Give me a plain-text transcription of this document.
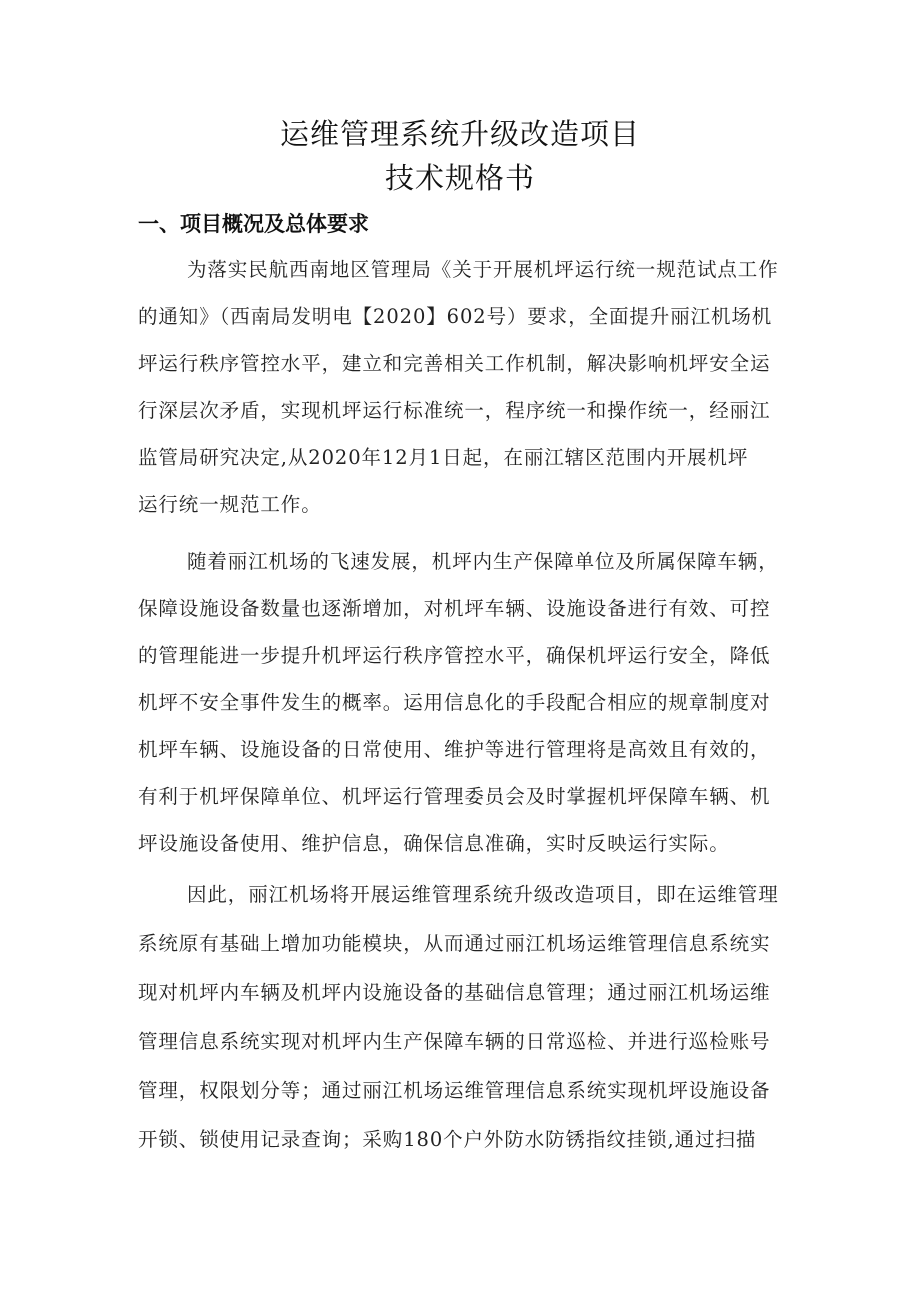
运维管理系统升级改造项目
技术规格书
一、项目概况及总体要求
为落实民航西南地区管理局《关于开展机坪运行统一规范试点工作
的通知》（西南局发明电【2020】602号）要求，全面提升丽江机场机
坪运行秩序管控水平，建立和完善相关工作机制，解决影响机坪安全运
行深层次矛盾，实现机坪运行标准统一，程序统一和操作统一，经丽江
监管局研究决定,从2020年12月1日起，在丽江辖区范围内开展机坪
运行统一规范工作。
随着丽江机场的飞速发展，机坪内生产保障单位及所属保障车辆，
保障设施设备数量也逐渐增加，对机坪车辆、设施设备进行有效、可控
的管理能进一步提升机坪运行秩序管控水平，确保机坪运行安全，降低
机坪不安全事件发生的概率。运用信息化的手段配合相应的规章制度对
机坪车辆、设施设备的日常使用、维护等进行管理将是高效且有效的，
有利于机坪保障单位、机坪运行管理委员会及时掌握机坪保障车辆、机
坪设施设备使用、维护信息，确保信息准确，实时反映运行实际。
因此，丽江机场将开展运维管理系统升级改造项目，即在运维管理
系统原有基础上增加功能模块，从而通过丽江机场运维管理信息系统实
现对机坪内车辆及机坪内设施设备的基础信息管理；通过丽江机场运维
管理信息系统实现对机坪内生产保障车辆的日常巡检、并进行巡检账号
管理，权限划分等；通过丽江机场运维管理信息系统实现机坪设施设备
开锁、锁使用记录查询；采购180个户外防水防锈指纹挂锁,通过扫描
